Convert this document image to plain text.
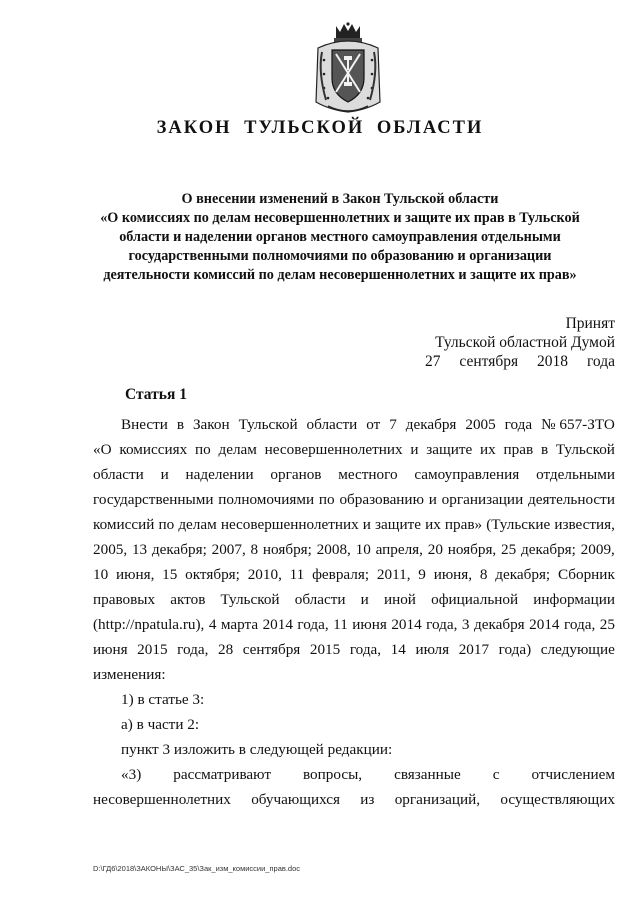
ЗАКОН ТУЛЬСКОЙ ОБЛАСТИ
О внесении изменений в Закон Тульской области
«О комиссиях по делам несовершеннолетних и защите их прав в Тульской
области и наделении органов местного самоуправления отдельными
государственными полномочиями по образованию и организации
деятельности комиссий по делам несовершеннолетних и защите их прав»
Принят
Тульской областной Думой
27 сентября 2018 года
Статья 1
Внести в Закон Тульской области от 7 декабря 2005 года № 657-ЗТО
«О комиссиях по делам несовершеннолетних и защите их прав в Тульской
области и наделении органов местного самоуправления отдельными
государственными полномочиями по образованию и организации деятельности
комиссий по делам несовершеннолетних и защите их прав» (Тульские известия,
2005, 13 декабря; 2007, 8 ноября; 2008, 10 апреля, 20 ноября, 25 декабря; 2009,
10 июня, 15 октября; 2010, 11 февраля; 2011, 9 июня, 8 декабря; Сборник
правовых актов Тульской области и иной официальной информации
(http://npatula.ru), 4 марта 2014 года, 11 июня 2014 года, 3 декабря 2014 года, 25
июня 2015 года, 28 сентября 2015 года, 14 июля 2017 года) следующие
изменения:
1) в статье 3:
а) в части 2:
пункт 3 изложить в следующей редакции:
«3) рассматривают вопросы, связанные с отчислением
несовершеннолетних обучающихся из организаций, осуществляющих
D:\ГД6\2018\ЗАКОНЫ\ЗАС_35\Зак_изм_комиссии_прав.doc
